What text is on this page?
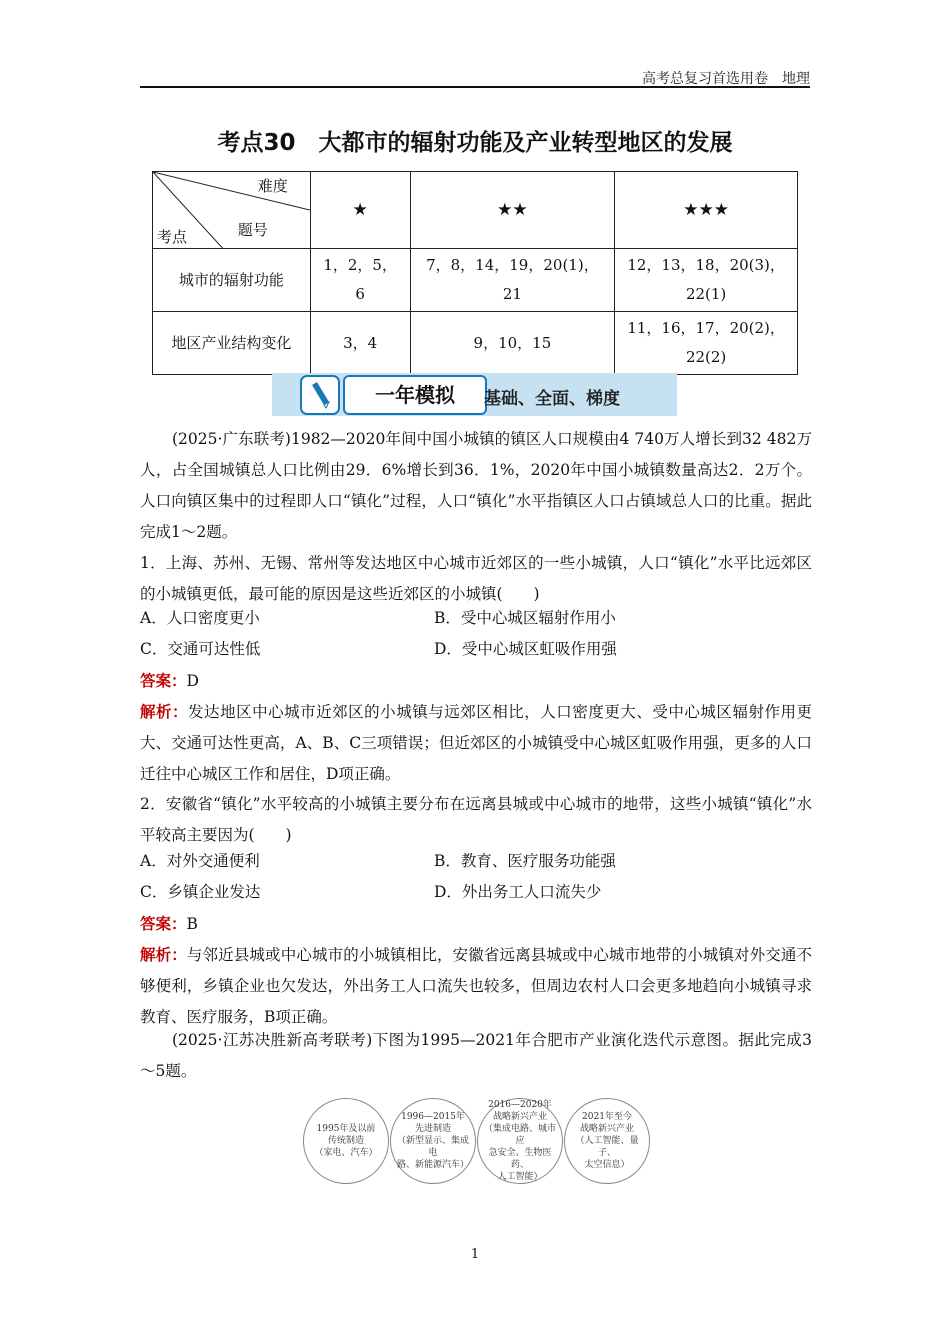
高考总复习首选用卷　地理
考点30　大都市的辐射功能及产业转型地区的发展
难度
题号
考点	★	★★	★★★
城市的辐射功能	1，2，5，6	7，8，14，19，20(1)，21	12，13，18，20(3)，22(1)
地区产业结构变化	3，4	9，10，15	11，16，17，20(2)，22(2)
一年模拟	基础、全面、梯度
(2025·广东联考)1982—2020年间中国小城镇的镇区人口规模由4 740万人增长到32 482万人，占全国城镇总人口比例由29．6%增长到36．1%，2020年中国小城镇数量高达2．2万个。人口向镇区集中的过程即人口“镇化”过程，人口“镇化”水平指镇区人口占镇域总人口的比重。据此完成1～2题。
1．上海、苏州、无锡、常州等发达地区中心城市近郊区的一些小城镇，人口“镇化”水平比远郊区的小城镇更低，最可能的原因是这些近郊区的小城镇(　　)
A．人口密度更小	B．受中心城区辐射作用小
C．交通可达性低	D．受中心城区虹吸作用强
答案：D
解析：发达地区中心城市近郊区的小城镇与远郊区相比，人口密度更大、受中心城区辐射作用更大、交通可达性更高，A、B、C三项错误；但近郊区的小城镇受中心城区虹吸作用强，更多的人口迁往中心城区工作和居住，D项正确。
2．安徽省“镇化”水平较高的小城镇主要分布在远离县城或中心城市的地带，这些小城镇“镇化”水平较高主要因为(　　)
A．对外交通便利	B．教育、医疗服务功能强
C．乡镇企业发达	D．外出务工人口流失少
答案：B
解析：与邻近县城或中心城市的小城镇相比，安徽省远离县城或中心城市地带的小城镇对外交通不够便利，乡镇企业也欠发达，外出务工人口流失也较多，但周边农村人口会更多地趋向小城镇寻求教育、医疗服务，B项正确。
(2025·江苏决胜新高考联考)下图为1995—2021年合肥市产业演化迭代示意图。据此完成3～5题。
1995年及以前
传统制造
（家电、汽车）
1996—2015年
先进制造
（新型显示、集成电
路、新能源汽车）
2016—2020年
战略新兴产业
（集成电路、城市应
急安全、生物医药、
人工智能）
2021年至今
战略新兴产业
（人工智能、量子、
太空信息）
1
